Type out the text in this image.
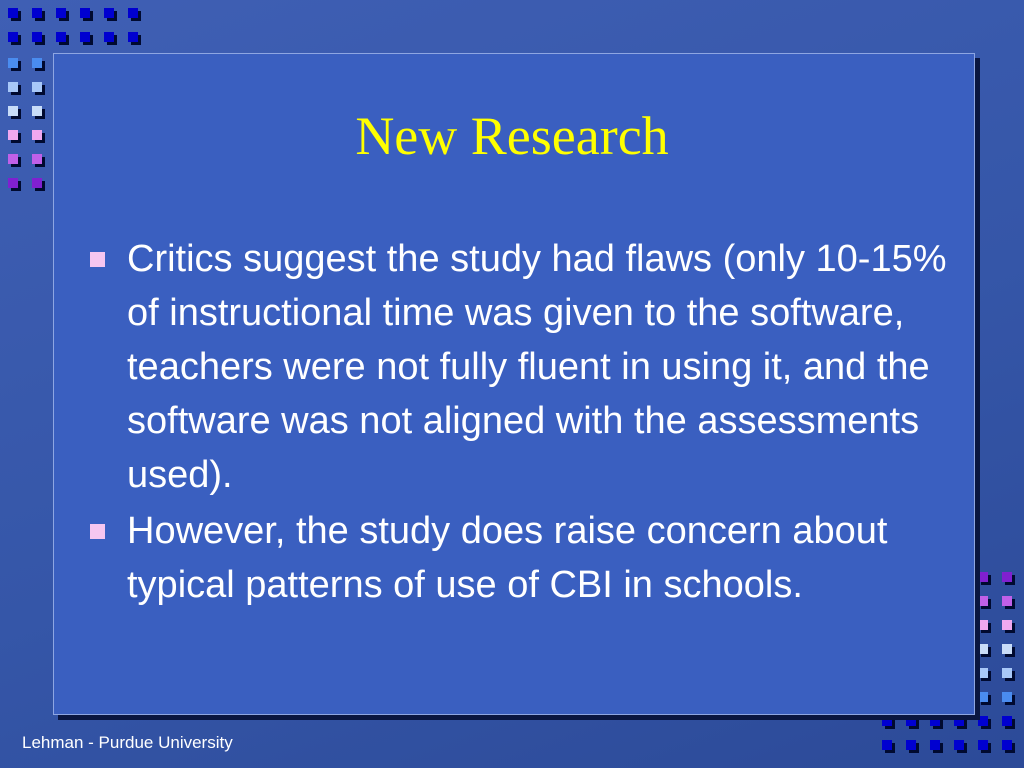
New Research
Critics suggest the study had flaws (only 10-15% of instructional time was given to the software, teachers were not fully fluent in using it, and the software was not aligned with the assessments used).
However, the study does raise concern about typical patterns of use of CBI in schools.
Lehman - Purdue University
